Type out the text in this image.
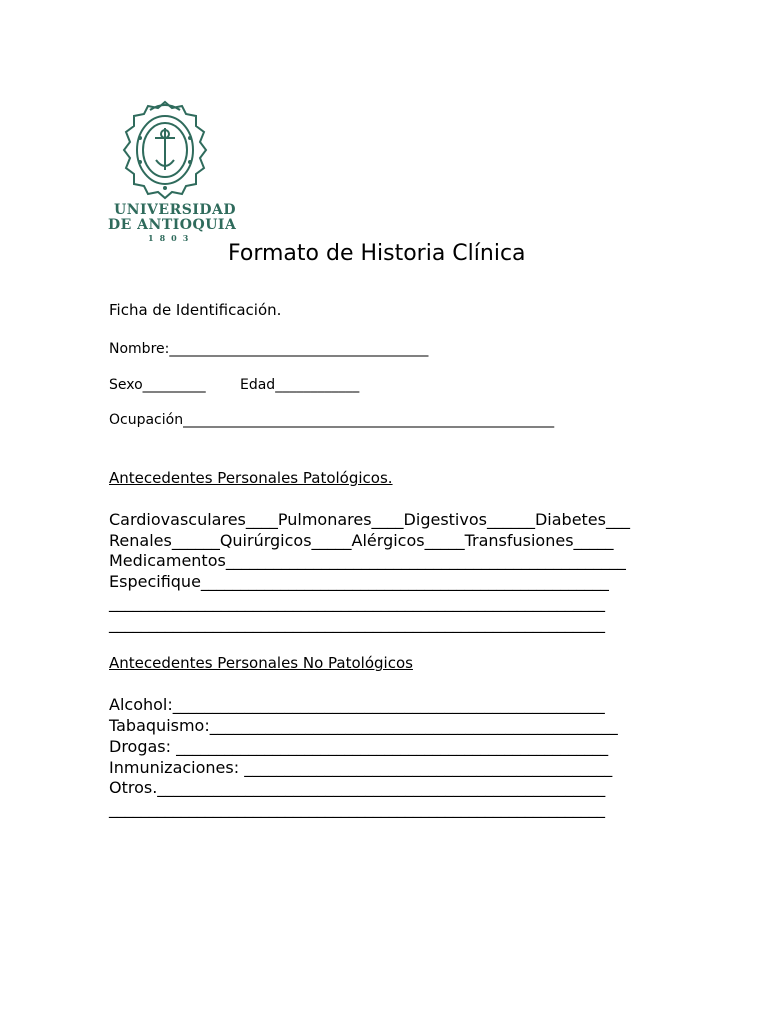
UNIVERSIDAD
DE ANTIOQUIA
1803
Formato de Historia Clínica
Ficha de Identificación.
Nombre:_____________________________________
Sexo_________ Edad____________
Ocupación_____________________________________________________
Antecedentes Personales Patológicos.
Cardiovasculares____Pulmonares____Digestivos______Diabetes___
Renales______Quirúrgicos_____Alérgicos_____Transfusiones_____
Medicamentos__________________________________________________
Especifique___________________________________________________
______________________________________________________________
______________________________________________________________
Antecedentes Personales No Patológicos
Alcohol:______________________________________________________
Tabaquismo:___________________________________________________
Drogas: ______________________________________________________
Inmunizaciones: ______________________________________________
Otros.________________________________________________________
______________________________________________________________
